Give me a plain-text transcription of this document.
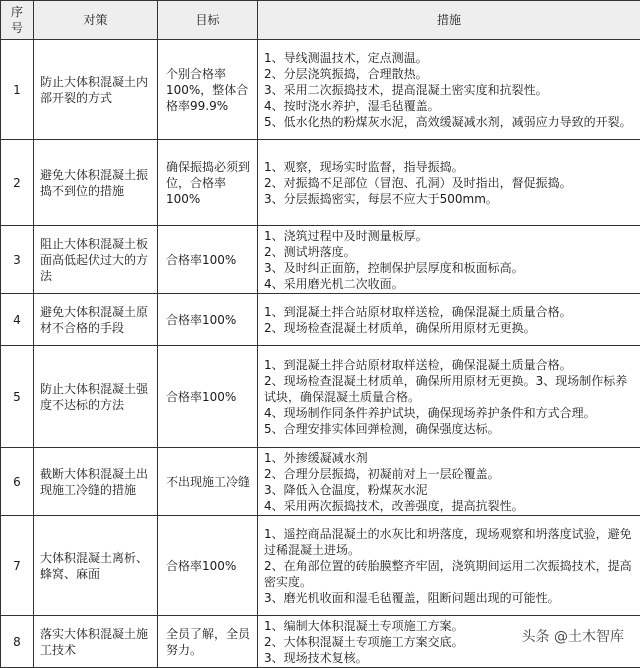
序
号	对策	目标	措施
1	防止大体积混凝土内部开裂的方式	个别合格率100%，整体合格率99.9%	1、导线测温技术，定点测温。
2、分层浇筑振捣，合理散热。
3、采用二次振捣技术，提高混凝土密实度和抗裂性。
4、按时浇水养护，湿毛毡覆盖。
5、低水化热的粉煤灰水泥，高效缓凝减水剂，减弱应力导致的开裂。

2	避免大体积混凝土振捣不到位的措施	确保振捣必须到位，合格率100%	1、观察，现场实时监督，指导振捣。
2、对振捣不足部位（冒泡、孔洞）及时指出，督促振捣。
3、分层振捣密实，每层不应大于500mm。

3	阻止大体积混凝土板面高低起伏过大的方法	合格率100%	1、浇筑过程中及时测量板厚。
2、测试坍落度。
3、及时纠正面筋，控制保护层厚度和板面标高。
4、采用磨光机二次收面。

4	避免大体积混凝土原材不合格的手段	合格率100%	1、到混凝土拌合站原材取样送检，确保混凝土质量合格。
2、现场检查混凝土材质单，确保所用原材无更换。

5	防止大体积混凝土强度不达标的方法	合格率100%	1、到混凝土拌合站原材取样送检，确保混凝土质量合格。
2、现场检查混凝土材质单，确保所用原材无更换。3、现场制作标养试块，确保混凝土质量合格。
4、现场制作同条件养护试块，确保现场养护条件和方式合理。
5、合理安排实体回弹检测，确保强度达标。

6	截断大体积混凝土出现施工冷缝的措施	不出现施工冷缝	1、外掺缓凝减水剂
2、合理分层振捣，初凝前对上一层砼覆盖。
3、降低入仓温度，粉煤灰水泥
4、采用两次振捣技术，改善强度，提高抗裂性。

7	大体积混凝土离析、蜂窝、麻面	合格率100%	1、遥控商品混凝土的水灰比和坍落度，现场观察和坍落度试验，避免过稀混凝土进场。
2、在角部位置的砖胎膜整齐牢固，浇筑期间运用二次振捣技术，提高密实度。
3、磨光机收面和湿毛毡覆盖，阻断问题出现的可能性。

8	落实大体积混凝土施工技术	全员了解，全员努力。	1、编制大体积混凝土专项施工方案。
2、大体积混凝土专项施工方案交底。
3、现场技术复核。
头条 @土木智库
